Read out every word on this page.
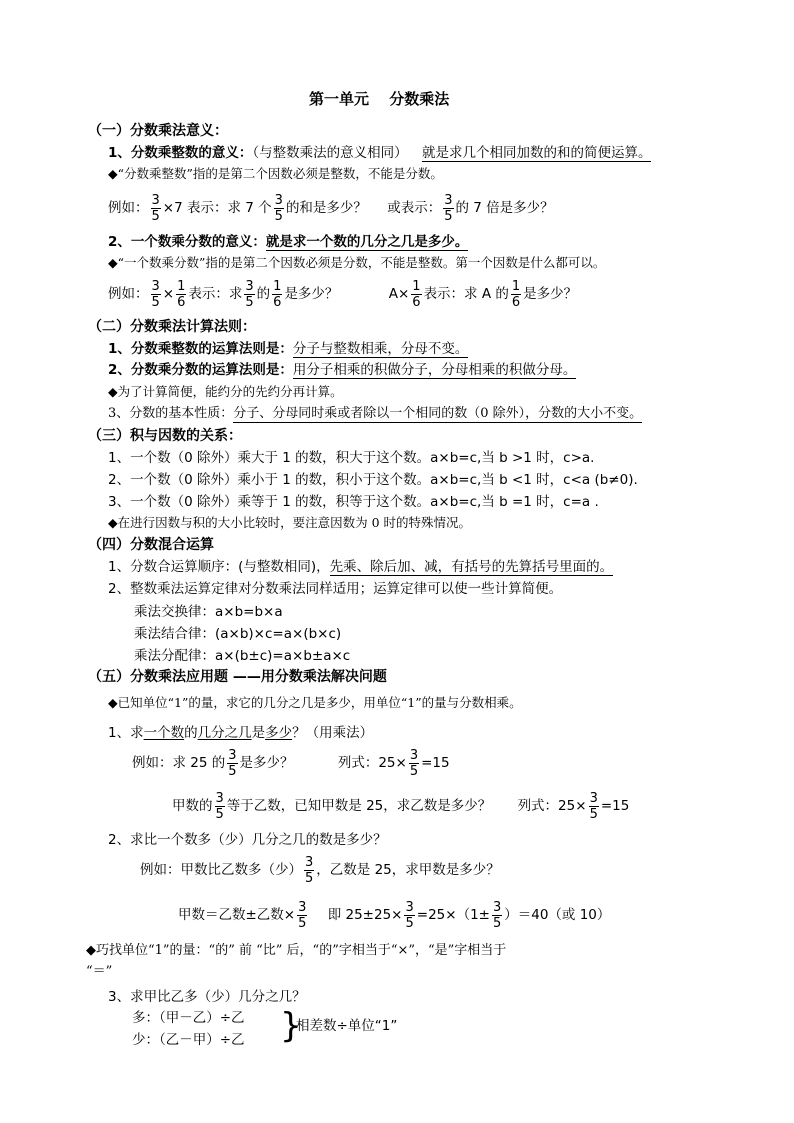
第一单元　 分数乘法
（一）分数乘法意义：
1、分数乘整数的意义：（与整数乘法的意义相同） 就是求几个相同加数的和的简便运算。
◆“分数乘整数”指的是第二个因数必须是整数，不能是分数。
例如： $\frac{3}{5} \times 7$ 表示：求 7 个 $\frac{3}{5}$ 的和是多少？ 或表示： $\frac{3}{5}$ 的 7 倍是多少？
2、一个数乘分数的意义：就是求一个数的几分之几是多少。
◆“一个数乘分数”指的是第二个因数必须是分数，不能是整数。第一个因数是什么都可以。
例如： $\frac{3}{5} \times \frac{1}{6}$ 表示：求 $\frac{3}{5}$ 的 $\frac{1}{6}$ 是多少？	$A\times \frac{1}{6}$ 表示：求 A 的 $\frac{1}{6}$ 是多少？
（二）分数乘法计算法则：
1、分数乘整数的运算法则是：分子与整数相乘，分母不变。
2、分数乘分数的运算法则是：用分子相乘的积做分子，分母相乘的积做分母。
◆为了计算简便，能约分的先约分再计算。
3、分数的基本性质：分子、分母同时乘或者除以一个相同的数（0 除外），分数的大小不变。
（三）积与因数的关系：
1、一个数（0 除外）乘大于 1 的数，积大于这个数。a×b=c,当 b >1 时，c>a.
2、一个数（0 除外）乘小于 1 的数，积小于这个数。a×b=c,当 b <1 时，c<a (b≠0).
3、一个数（0 除外）乘等于 1 的数，积等于这个数。a×b=c,当 b =1 时，c=a .
◆在进行因数与积的大小比较时，要注意因数为 0 时的特殊情况。
（四）分数混合运算
1、分数合运算顺序：(与整数相同)，先乘、除后加、减，有括号的先算括号里面的。
2、整数乘法运算定律对分数乘法同样适用；运算定律可以使一些计算简便。
乘法交换律：a×b=b×a
乘法结合律：(a×b)×c=a×(b×c)
乘法分配律：a×(b±c)=a×b±a×c
（五）分数乘法应用题 ——用分数乘法解决问题
◆已知单位“1”的量，求它的几分之几是多少，用单位“1”的量与分数相乘。
1、求一个数的几分之几是多少？（用乘法）
例如：求 25 的 $\frac{3}{5}$ 是多少？	列式：$25\times \frac{3}{5} =15$
甲数的 $\frac{3}{5}$ 等于乙数，已知甲数是 25，求乙数是多少？ 列式：$25\times \frac{3}{5} =15$
2、求比一个数多（少）几分之几的数是多少？
例如：甲数比乙数多（少） $\frac{3}{5}$ ，乙数是 25，求甲数是多少？
甲数＝乙数±乙数× $\frac{3}{5}$ 即 $25\pm 25\times \frac{3}{5} =25\times(1\pm \frac{3}{5} )=40$（或 10）
◆巧找单位“1”的量：“的” 前 “比” 后，“的”字相当于“×”，“是”字相当于
“＝”
3、求甲比乙多（少）几分之几？
多：（甲－乙）÷乙
少：（乙－甲）÷乙 }
相差数÷单位“1”
